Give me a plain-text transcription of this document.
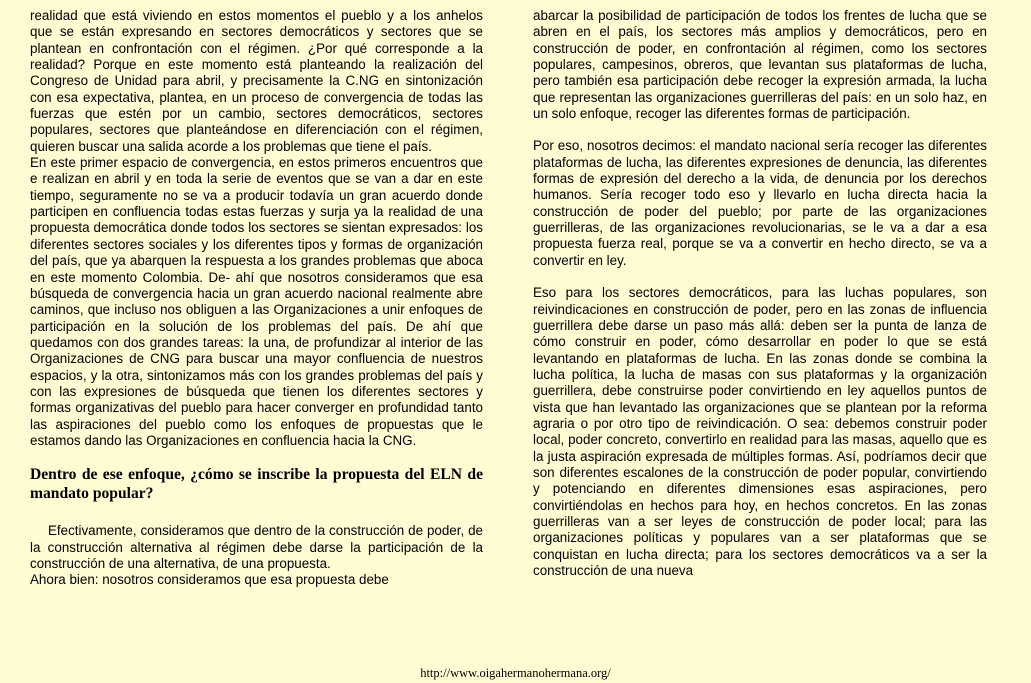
realidad que está viviendo en estos momentos el pueblo y a los anhelos que se están expresando en sectores democráticos y sectores que se plantean en confrontación con el régimen. ¿Por qué corresponde a la realidad? Porque en este momento está planteando la realización del Congreso de Unidad para abril, y precisamente la C.NG en sintonización con esa expectativa, plantea, en un proceso de convergencia de todas las fuerzas que estén por un cambio, sectores democráticos, sectores populares, sectores que planteándose en diferenciación con el régimen, quieren buscar una salida acorde a los problemas que tiene el país.

En este primer espacio de convergencia, en estos primeros encuentros que e realizan en abril y en toda la serie de eventos que se van a dar en este tiempo, seguramente no se va a producir todavía un gran acuerdo donde participen en confluencia todas estas fuerzas y surja ya la realidad de una propuesta democrática donde todos los sectores se sientan expresados: los diferentes sectores sociales y los diferentes tipos y formas de organización del país, que ya abarquen la respuesta a los grandes problemas que aboca en este momento Colombia. De- ahí que nosotros consideramos que esa búsqueda de convergencia hacia un gran acuerdo nacional realmente abre caminos, que incluso nos obliguen a las Organizaciones a unir enfoques de participación en la solución de los problemas del país. De ahí que quedamos con dos grandes tareas: la una, de profundizar al interior de las Organizaciones de CNG para buscar una mayor confluencia de nuestros espacios, y la otra, sintonizamos más con los grandes problemas del país y con las expresiones de búsqueda que tienen los diferentes sectores y formas organizativas del pueblo para hacer converger en profundidad tanto las aspiraciones del pueblo como los enfoques de propuestas que le estamos dando las Organizaciones en confluencia hacia la CNG.

Dentro de ese enfoque, ¿cómo se inscribe la propuesta del ELN de mandato popular?

Efectivamente, consideramos que dentro de la construcción de poder, de la construcción alternativa al régimen debe darse la participación de la construcción de una alternativa, de una propuesta.

Ahora bien: nosotros consideramos que esa propuesta debe

abarcar la posibilidad de participación de todos los frentes de lucha que se abren en el país, los sectores más amplios y democráticos, pero en construcción de poder, en confrontación al régimen, como los sectores populares, campesinos, obreros, que levantan sus plataformas de lucha, pero también esa participación debe recoger la expresión armada, la lucha que representan las organizaciones guerrilleras del país: en un solo haz, en un solo enfoque, recoger las diferentes formas de participación.

Por eso, nosotros decimos: el mandato nacional sería recoger las diferentes plataformas de lucha, las diferentes expresiones de denuncia, las diferentes formas de expresión del derecho a la vida, de denuncia por los derechos humanos. Sería recoger todo eso y llevarlo en lucha directa hacia la construcción de poder del pueblo; por parte de las organizaciones guerrilleras, de las organizaciones revolucionarias, se le va a dar a esa propuesta fuerza real, porque se va a convertir en hecho directo, se va a convertir en ley.

Eso para los sectores democráticos, para las luchas populares, son reivindicaciones en construcción de poder, pero en las zonas de influencia guerrillera debe darse un paso más allá: deben ser la punta de lanza de cómo construir en poder, cómo desarrollar en poder lo que se está levantando en plataformas de lucha. En las zonas donde se combina la lucha política, la lucha de masas con sus plataformas y la organización guerrillera, debe construirse poder convirtiendo en ley aquellos puntos de vista que han levantado las organizaciones que se plantean por la reforma agraria o por otro tipo de reivindicación. O sea: debemos construir poder local, poder concreto, convertirlo en realidad para las masas, aquello que es la justa aspiración expresada de múltiples formas. Así, podríamos decir que son diferentes escalones de la construcción de poder popular, convirtiendo y potenciando en diferentes dimensiones esas aspiraciones, pero convirtiéndolas en hechos para hoy, en hechos concretos. En las zonas guerrilleras van a ser leyes de construcción de poder local; para las organizaciones políticas y populares van a ser plataformas que se conquistan en lucha directa; para los sectores democráticos va a ser la construcción de una nueva

http://www.oigahermanohermana.org/
